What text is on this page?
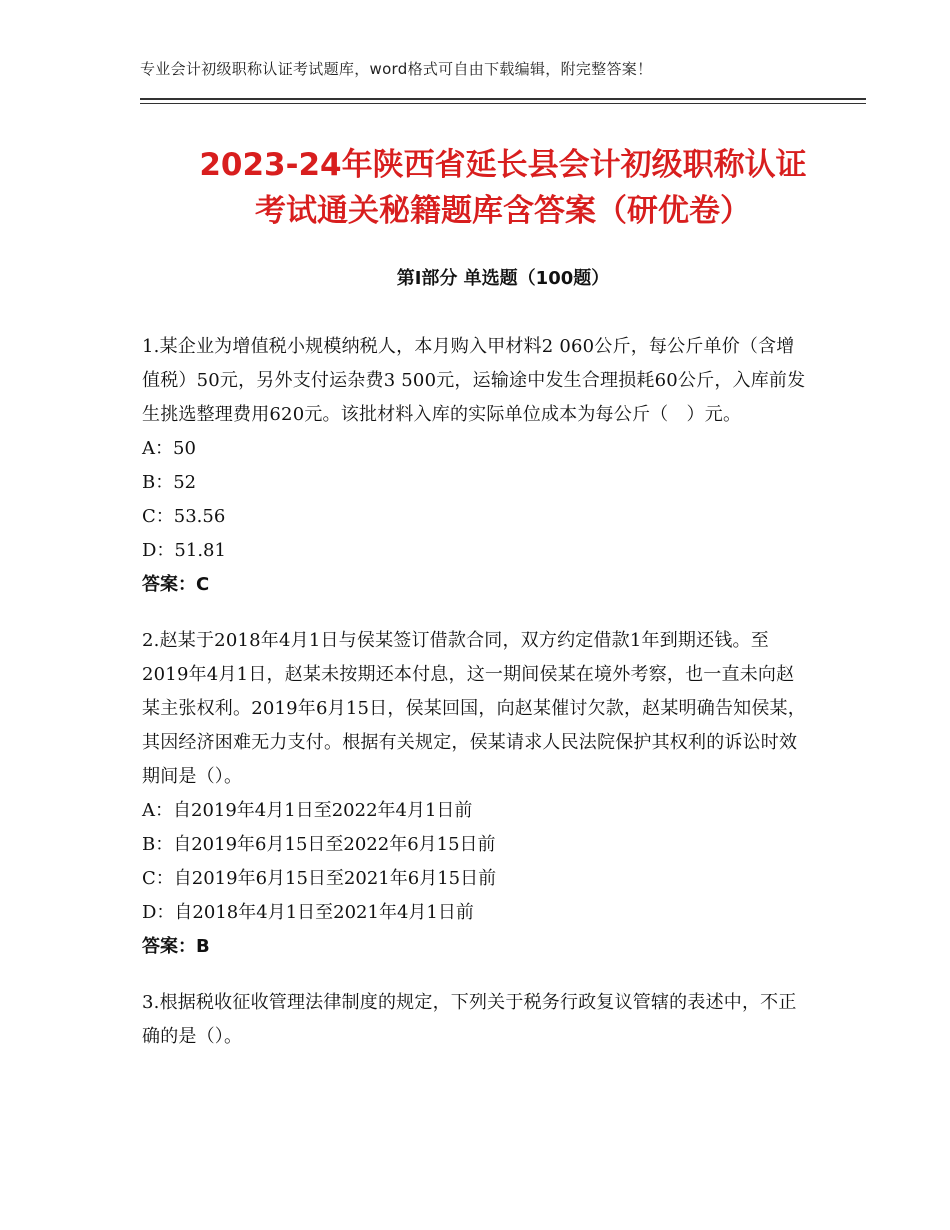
专业会计初级职称认证考试题库，word格式可自由下载编辑，附完整答案！
2023-24年陕西省延长县会计初级职称认证
考试通关秘籍题库含答案（研优卷）
第Ⅰ部分 单选题（100题）

1.某企业为增值税小规模纳税人，本月购入甲材料2 060公斤，每公斤单价（含增值税）50元，另外支付运杂费3 500元，运输途中发生合理损耗60公斤，入库前发生挑选整理费用620元。该批材料入库的实际单位成本为每公斤（　）元。

A：50

B：52

C：53.56

D：51.81

答案：C

2.赵某于2018年4月1日与侯某签订借款合同，双方约定借款1年到期还钱。至2019年4月1日，赵某未按期还本付息，这一期间侯某在境外考察，也一直未向赵某主张权利。2019年6月15日，侯某回国，向赵某催讨欠款，赵某明确告知侯某，其因经济困难无力支付。根据有关规定，侯某请求人民法院保护其权利的诉讼时效期间是（）。

A：自2019年4月1日至2022年4月1日前

B：自2019年6月15日至2022年6月15日前

C：自2019年6月15日至2021年6月15日前

D：自2018年4月1日至2021年4月1日前

答案：B

3.根据税收征收管理法律制度的规定，下列关于税务行政复议管辖的表述中，不正确的是（）。
